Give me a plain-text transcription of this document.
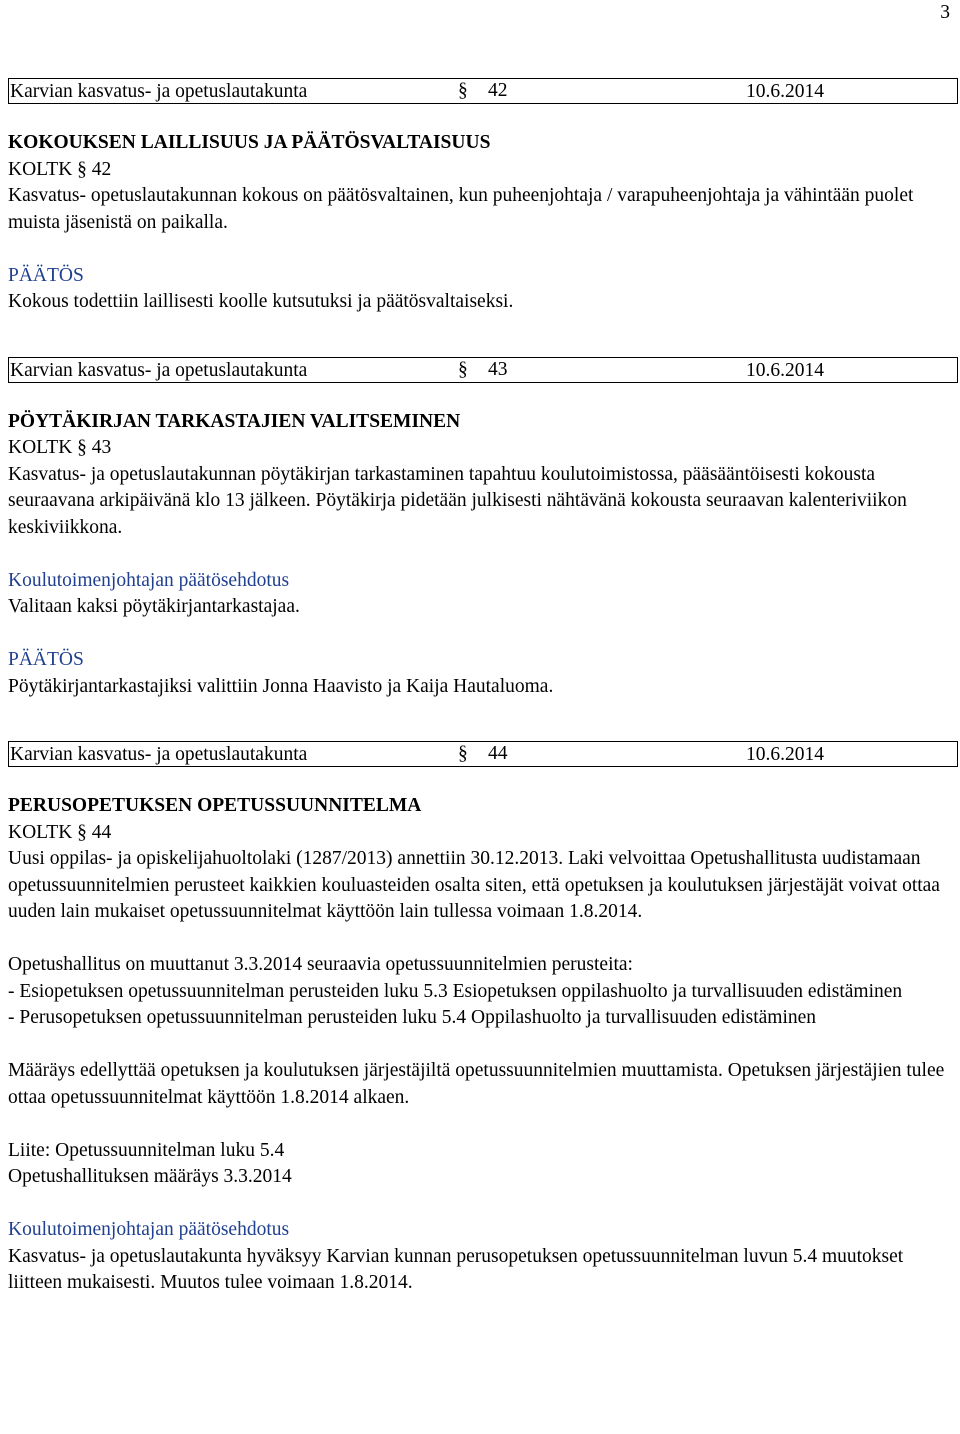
3
Karvian kasvatus- ja opetuslautakunta	§	42	10.6.2014

KOKOUKSEN LAILLISUUS JA PÄÄTÖSVALTAISUUS

KOLTK § 42

Kasvatus- opetuslautakunnan kokous on päätösvaltainen, kun puheenjohtaja / varapuheenjohtaja ja vähintään puolet muista jäsenistä on paikalla.

PÄÄTÖS

Kokous todettiin laillisesti koolle kutsutuksi ja päätösvaltaiseksi.

Karvian kasvatus- ja opetuslautakunta	§	43	10.6.2014

PÖYTÄKIRJAN TARKASTAJIEN VALITSEMINEN

KOLTK § 43

Kasvatus- ja opetuslautakunnan pöytäkirjan tarkastaminen tapahtuu koulutoimistossa, pääsääntöisesti kokousta seuraavana arkipäivänä klo 13 jälkeen. Pöytäkirja pidetään julkisesti nähtävänä kokousta seuraavan kalenteriviikon keskiviikkona.

Koulutoimenjohtajan päätösehdotus

Valitaan kaksi pöytäkirjantarkastajaa.

PÄÄTÖS

Pöytäkirjantarkastajiksi valittiin Jonna Haavisto ja Kaija Hautaluoma.

Karvian kasvatus- ja opetuslautakunta	§	44	10.6.2014

PERUSOPETUKSEN OPETUSSUUNNITELMA

KOLTK § 44

Uusi oppilas- ja opiskelijahuoltolaki (1287/2013) annettiin 30.12.2013. Laki velvoittaa Opetushallitusta uudistamaan opetussuunnitelmien perusteet kaikkien kouluasteiden osalta siten, että opetuksen ja koulutuksen järjestäjät voivat ottaa uuden lain mukaiset opetussuunnitelmat käyttöön lain tullessa voimaan 1.8.2014.

Opetushallitus on muuttanut 3.3.2014 seuraavia opetussuunnitelmien perusteita:

- Esiopetuksen opetussuunnitelman perusteiden luku 5.3 Esiopetuksen oppilashuolto ja turvallisuuden edistäminen

- Perusopetuksen opetussuunnitelman perusteiden luku 5.4 Oppilashuolto ja turvallisuuden edistäminen

Määräys edellyttää opetuksen ja koulutuksen järjestäjiltä opetussuunnitelmien muuttamista. Opetuksen järjestäjien tulee ottaa opetussuunnitelmat käyttöön 1.8.2014 alkaen.

Liite: Opetussuunnitelman luku 5.4

Opetushallituksen määräys 3.3.2014

Koulutoimenjohtajan päätösehdotus

Kasvatus- ja opetuslautakunta hyväksyy Karvian kunnan perusopetuksen opetussuunnitelman luvun 5.4 muutokset liitteen mukaisesti. Muutos tulee voimaan 1.8.2014.
